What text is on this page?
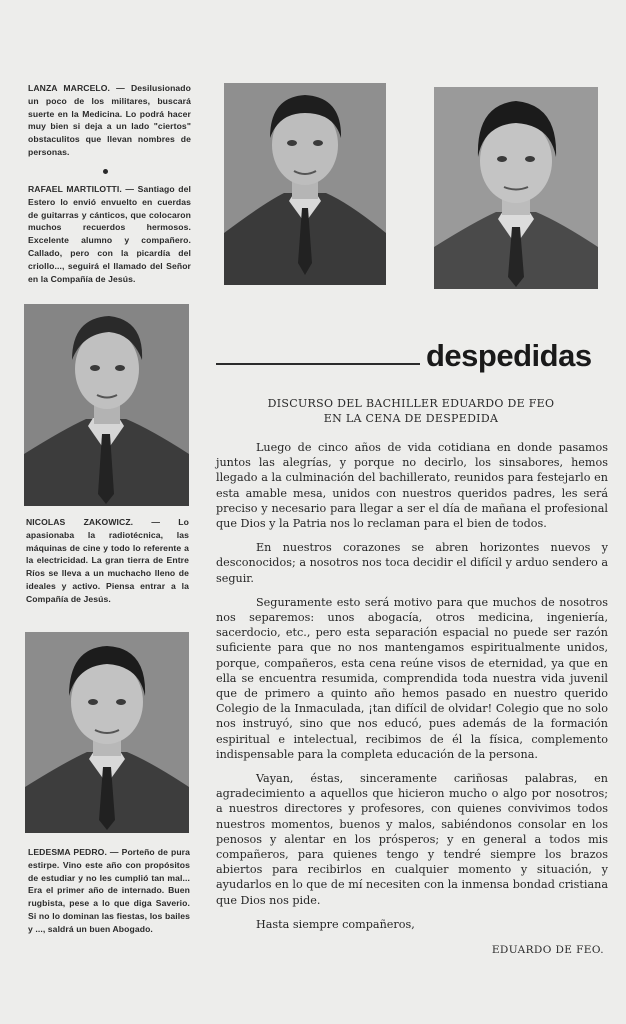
LANZA MARCELO. — Desilusionado un poco de los militares, buscará suerte en la Medicina. Lo podrá hacer muy bien si deja a un lado "ciertos" obstaculitos que llevan nombres de personas.
RAFAEL MARTILOTTI. — Santiago del Estero lo envió envuelto en cuerdas de guitarras y cánticos, que colocaron muchos recuerdos hermosos. Excelente alumno y compañero. Callado, pero con la picardía del criollo..., seguirá el llamado del Señor en la Compañía de Jesús.
NICOLAS ZAKOWICZ. — Lo apasionaba la radiotécnica, las máquinas de cine y todo lo referente a la electricidad. La gran tierra de Entre Ríos se lleva a un muchacho lleno de ideales y activo. Piensa entrar a la Compañía de Jesús.
LEDESMA PEDRO. — Porteño de pura estirpe. Vino este año con propósitos de estudiar y no les cumplió tan mal... Era el primer año de internado. Buen rugbista, pese a lo que diga Saverio. Si no lo dominan las fiestas, los bailes y ..., saldrá un buen Abogado.
despedidas
DISCURSO DEL BACHILLER EDUARDO DE FEO
EN LA CENA DE DESPEDIDA

Luego de cinco años de vida cotidiana en donde pasamos juntos las alegrías, y porque no decirlo, los sinsabores, hemos llegado a la culminación del bachillerato, reunidos para festejarlo en esta amable mesa, unidos con nuestros queridos padres, les será preciso y necesario para llegar a ser el día de mañana el profesional que Dios y la Patria nos lo reclaman para el bien de todos.

En nuestros corazones se abren horizontes nuevos y desconocidos; a nosotros nos toca decidir el difícil y arduo sendero a seguir.

Seguramente esto será motivo para que muchos de nosotros nos separemos: unos abogacía, otros medicina, ingeniería, sacerdocio, etc., pero esta separación espacial no puede ser razón suficiente para que no nos mantengamos espiritualmente unidos, porque, compañeros, esta cena reúne visos de eternidad, ya que en ella se encuentra resumida, comprendida toda nuestra vida juvenil que de primero a quinto año hemos pasado en nuestro querido Colegio de la Inmaculada, ¡tan difícil de olvidar! Colegio que no solo nos instruyó, sino que nos educó, pues además de la formación espiritual e intelectual, recibimos de él la física, complemento indispensable para la completa educación de la persona.

Vayan, éstas, sinceramente cariñosas palabras, en agradecimiento a aquellos que hicieron mucho o algo por nosotros; a nuestros directores y profesores, con quienes convivimos todos nuestros momentos, buenos y malos, sabiéndonos consolar en los penosos y alentar en los prósperos; y en general a todos mis compañeros, para quienes tengo y tendré siempre los brazos abiertos para recibirlos en cualquier momento y situación, y ayudarlos en lo que de mí necesiten con la inmensa bondad cristiana que Dios nos pide.

Hasta siempre compañeros,

EDUARDO DE FEO.
